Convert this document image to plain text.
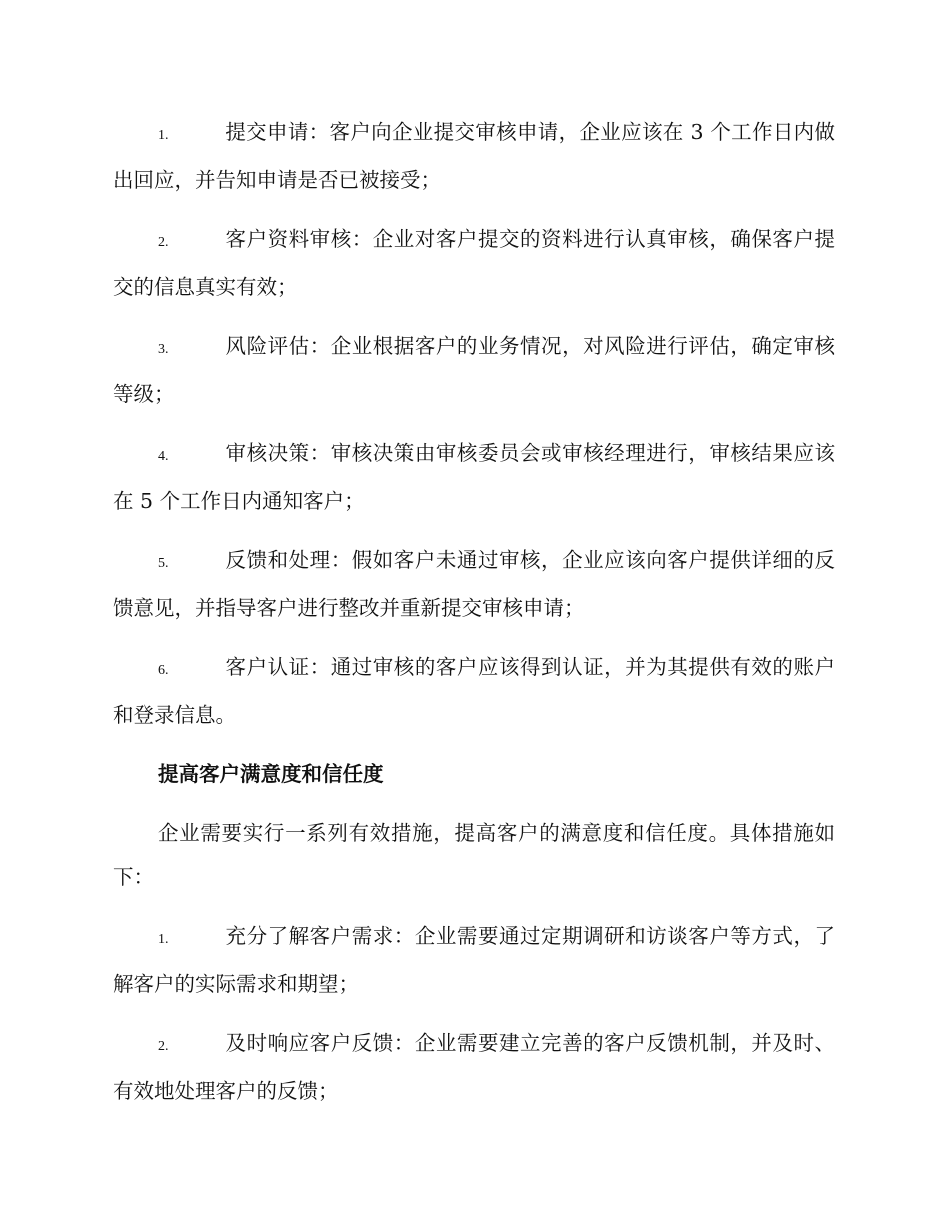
1.	提交申请：客户向企业提交审核申请，企业应该在 3 个工作日内做出回应，并告知申请是否已被接受；

2.	客户资料审核：企业对客户提交的资料进行认真审核，确保客户提交的信息真实有效；

3.	风险评估：企业根据客户的业务情况，对风险进行评估，确定审核等级；

4.	审核决策：审核决策由审核委员会或审核经理进行，审核结果应该在 5 个工作日内通知客户；

5.	反馈和处理：假如客户未通过审核，企业应该向客户提供详细的反馈意见，并指导客户进行整改并重新提交审核申请；

6.	客户认证：通过审核的客户应该得到认证，并为其提供有效的账户和登录信息。

提高客户满意度和信任度

企业需要实行一系列有效措施，提高客户的满意度和信任度。具体措施如下：

1.	充分了解客户需求：企业需要通过定期调研和访谈客户等方式，了解客户的实际需求和期望；

2.	及时响应客户反馈：企业需要建立完善的客户反馈机制，并及时、有效地处理客户的反馈；
